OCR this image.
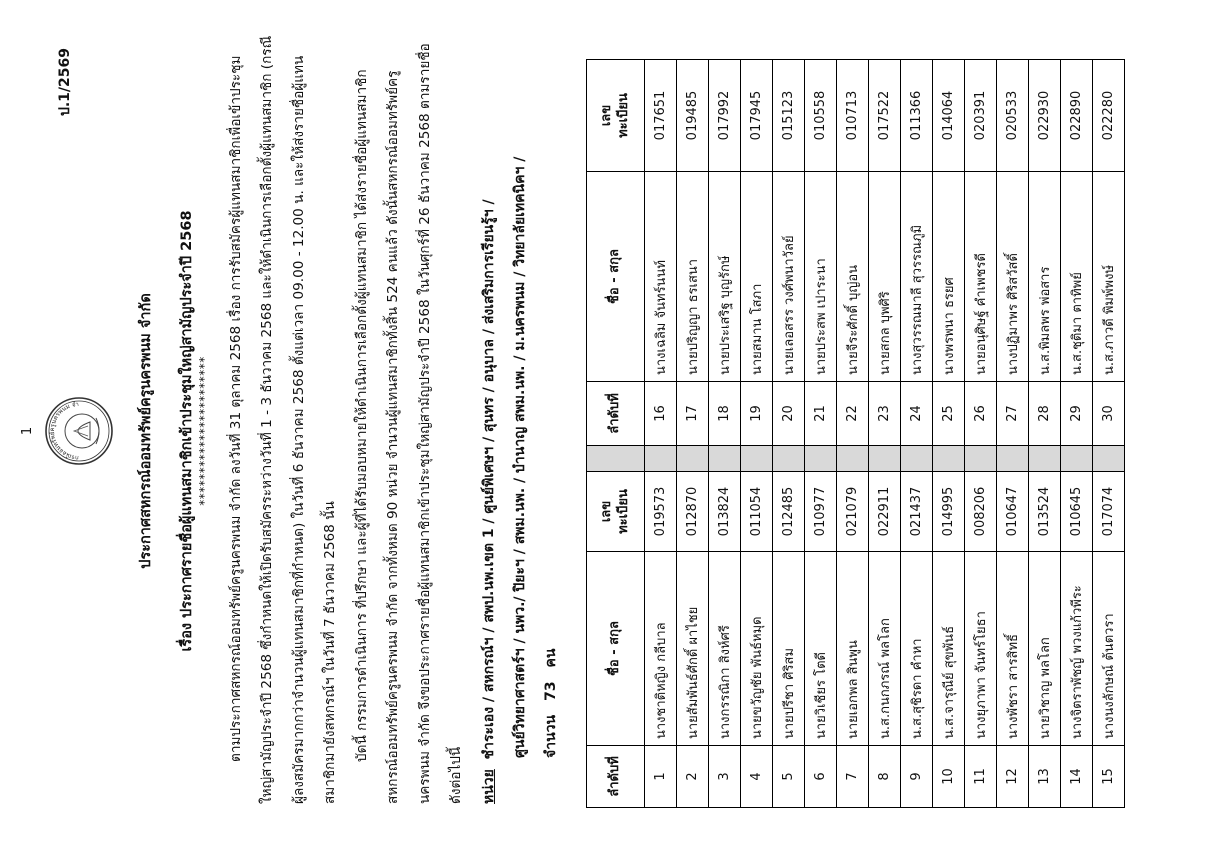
1
ป.1/2569
กรณ์ออมทรัพย์ครูนครพนม จำ	ประกาศสหกรณ์ออมทรัพย์ครูนครพนม จำกัด เรื่อง ประกาศรายชื่อผู้แทนสมาชิกเข้าประชุมใหญ่สามัญประจำปี 2568 *********************** ตามประกาศสหกรณ์ออมทรัพย์ครูนครพนม จำกัด ลงวันที่ 31 ตุลาคม 2568 เรื่อง การรับสมัครผู้แทนสมาชิกเพื่อเข้าประชุม ใหญ่สามัญประจำปี 2568 ซึ่งกำหนดให้เปิดรับสมัครระหว่างวันที่ 1 - 3 ธันวาคม 2568 และให้ดำเนินการเลือกตั้งผู้แทนสมาชิก (กรณี ผู้ลงสมัครมากกว่าจำนวนผู้แทนสมาชิกที่กำหนด) ในวันที่ 6 ธันวาคม 2568 ตั้งแต่เวลา 09.00 - 12.00 น. และให้ส่งรายชื่อผู้แทน สมาชิกมายังสหกรณ์ฯ ในวันที่ 7 ธันวาคม 2568 นั้น บัดนี้ กรรมการดำเนินการ ที่ปรึกษา และผู้ที่ได้รับมอบหมายให้ดำเนินการเลือกตั้งผู้แทนสมาชิก ได้ส่งรายชื่อผู้แทนสมาชิก สหกรณ์ออมทรัพย์ครูนครพนม จำกัด จากทั้งหมด 90 หน่วย จำนวนผู้แทนสมาชิกทั้งสิ้น 524 คนแล้ว ดังนั้นสหกรณ์ออมทรัพย์ครู นครพนม จำกัด จึงขอประกาศรายชื่อผู้แทนสมาชิกเข้าประชุมใหญ่สามัญประจำปี 2568 ในวันศุกร์ที่ 26 ธันวาคม 2568 ตามรายชื่อ ดังต่อไปนี้ หน่วย  ชำระเอง / สหกรณ์ฯ / สพป.นพ.เขต 1 / ศูนย์พิเศษฯ / สุนทร / อนุบาล / ส่งเสริมการเรียนรู้ฯ / ศูนย์วิทยาศาสตร์ฯ / นพว./ ปิยะฯ / สพม.นพ. / บำนาญ สพม.นพ. / ม.นครพนม / วิทยาลัยเทคนิคฯ / จำนวน73คน
ลำดับที่	ชื่อ - สกุล	เลข ทะเบียน		ลำดับที่	ชื่อ - สกุล	เลข ทะเบียน
1	นางชาติหญิง กลีบาล	019573		16	นางเฉลิม จันทร์นนท์	017651
2	นายสัมพันธ์ศักดิ์ ผาไชย	012870		17	นายปริญญา ธรเสนา	019485
3	นางกรรณิกา สิงห์ศรี	013824		18	นายประเสริฐ บุญรักษ์	017992
4	นายขวัญชัย พันธ์หมุด	011054		19	นายสมาน โสภา	017945
5	นายปรีชา ศิริสม	012485		20	นายเลอสรร วงศ์พนาวัลย์	015123
6	นายวิเชียร โตดี	010977		21	นายประสพ เปาระนา	010558
7	นายเอกพล สินพูน	021079		22	นายจีระศักดิ์ บุญ่อน	010713
8	น.ส.กนกภรณ์ พลโลก	022911		23	นายสกล บุพศิริ	017522
9	น.ส.สุชิรดา คำหา	021437		24	นางสุวรรณมาลี สุวรรณภูมิ	011366
10	น.ส.จารุณีย์ สุขพันธ์	014995		25	นางพรพนา ธรยศ	014064
11	นางยุภาพา จันทร์โยธา	008206		26	นายอนุศิษฐ์ คำเพชรดี	020391
12	นางพัชรา สารสิทธิ์	010647		27	นางปฏิมาพร ศิริสวัสดิ์	020533
13	นายวิชาญ พลโลก	013524		28	น.ส.พิมลพร พ่อสาร	022930
14	นางจิตราพัชญ์ พวงแก้วพีระ	010645		29	น.ส.ชุติมา ตาทิพย์	022890
15	นางนงลักษณ์ ต้นตวรา	017074		30	น.ส.ภาวดี พิมพ์พงษ์	022280
